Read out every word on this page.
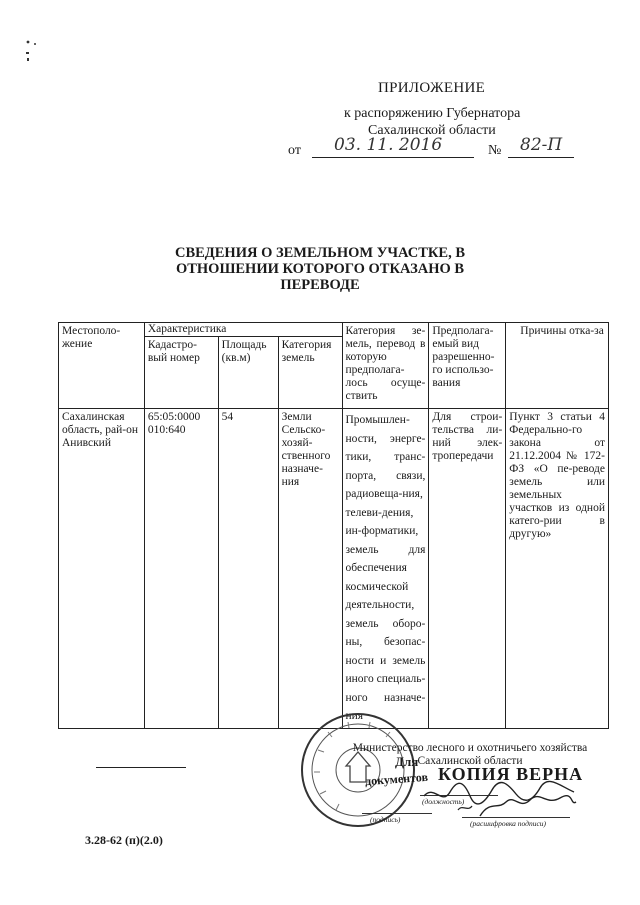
ПРИЛОЖЕНИЕ
к распоряжению Губернатора
Сахалинской области
от 03. 11. 2016	№ 82-П
СВЕДЕНИЯ О ЗЕМЕЛЬНОМ УЧАСТКЕ, В ОТНОШЕНИИ КОТОРОГО ОТКАЗАНО В ПЕРЕВОДЕ
Местополо-жение	Характеристика			Категория зе-мель, перевод в которую предполага-лось осуще-ствить	Предполага-емый вид разрешенно-го использо-вания	Причины отка-за
	Кадастро-вый номер	Площадь (кв.м)	Категория земель			
Сахалинская область, рай-он Анивский	65:05:0000 010:640	54	Земли Сельско-хозяй-ственного назначе-ния	Промышлен-ности, энерге-тики, транс-порта, связи, радиовеща-ния, телеви-дения, ин-форматики, земель для обеспечения космической деятельности, земель оборо-ны, безопас-ности и земель иного специаль-ного назначе-ния	Для строи-тельства ли-ний элек-тропередачи	Пункт 3 статьи 4 Федерально-го закона от 21.12.2004 № 172-ФЗ «О пе-реводе земель или земельных участков из одной катего-рии в другую»
Министерство лесного и охотничьего хозяйства Сахалинской области
Для
документов КОПИЯ ВЕРНА
(должность)
(подпись)	(расшифровка подписи)
3.28-62 (п)(2.0)
